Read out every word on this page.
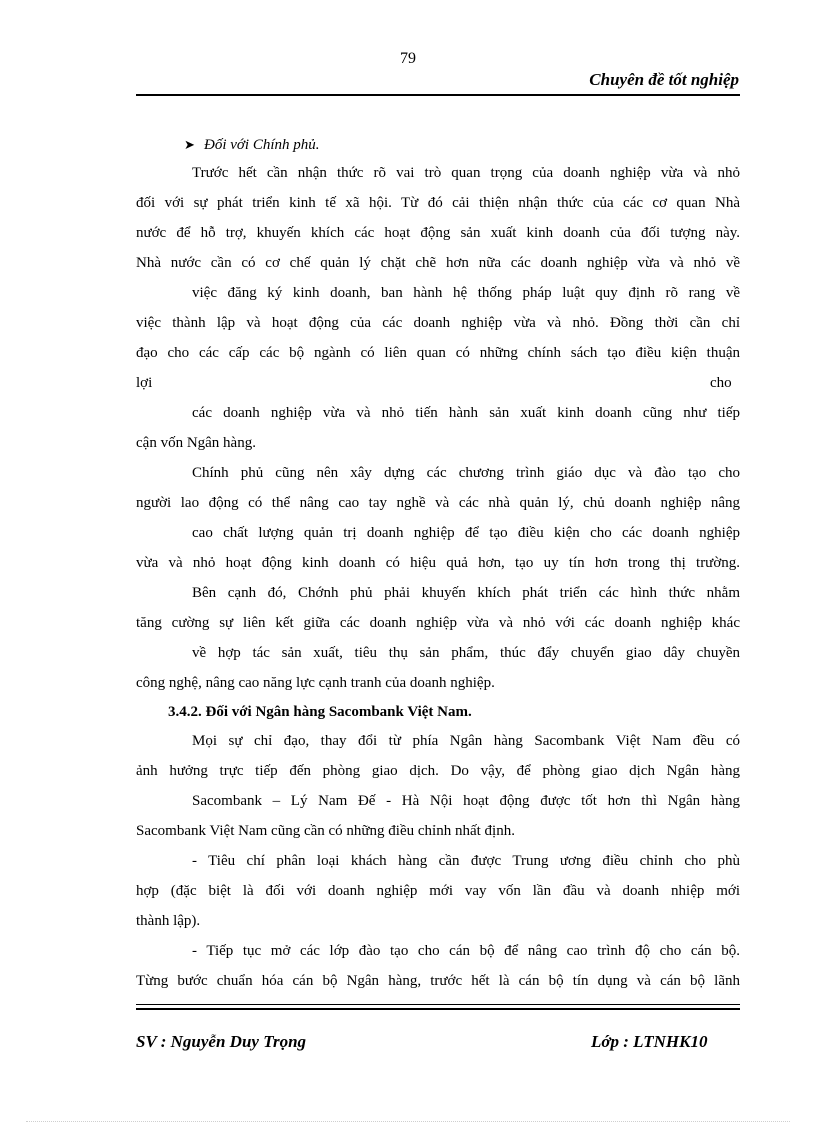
79
Chuyên đề tốt nghiệp
➤ Đối với Chính phủ.
Trước hết cần nhận thức rõ vai trò quan trọng của doanh nghiệp vừa và nhỏ
đối với sự phát triển kinh tế xã hội. Từ đó cải thiện nhận thức của các cơ quan Nhà
nước để hỗ trợ, khuyến khích các hoạt động sản xuất kinh doanh của đối tượng này.
Nhà nước cần có cơ chế quản lý chặt chẽ hơn nữa các doanh nghiệp vừa và nhỏ về
việc đăng ký kinh doanh, ban hành hệ thống pháp luật quy định rõ rang về
việc thành lập và hoạt động của các doanh nghiệp vừa và nhỏ. Đồng thời cần chỉ
đạo cho các cấp các bộ ngành có liên quan có những chính sách tạo điều kiện thuận
lợi	cho
các doanh nghiệp vừa và nhỏ tiến hành sản xuất kinh doanh cũng như tiếp
cận vốn Ngân hàng.
Chính phủ cũng nên xây dựng các chương trình giáo dục và đào tạo cho
người lao động có thể nâng cao tay nghề và các nhà quản lý, chủ doanh nghiệp nâng
cao chất lượng quản trị doanh nghiệp để tạo điều kiện cho các doanh nghiệp
vừa và nhỏ hoạt động kinh doanh có hiệu quả hơn, tạo uy tín hơn trong thị trường.
Bên cạnh đó, Chớnh phủ phải khuyến khích phát triển các hình thức nhằm
tăng cường sự liên kết giữa các doanh nghiệp vừa và nhỏ với các doanh nghiệp khác
về hợp tác sản xuất, tiêu thụ sản phẩm, thúc đẩy chuyển giao dây chuyền
công nghệ, nâng cao năng lực cạnh tranh của doanh nghiệp.
3.4.2. Đối với Ngân hàng Sacombank Việt Nam.
Mọi sự chỉ đạo, thay đổi từ phía Ngân hàng Sacombank Việt Nam đều có
ảnh hưởng trực tiếp đến phòng giao dịch. Do vậy, để phòng giao dịch Ngân hàng
Sacombank – Lý Nam Đế - Hà Nội hoạt động được tốt hơn thì Ngân hàng
Sacombank Việt Nam cũng cần có những điều chỉnh nhất định.
- Tiêu chí phân loại khách hàng cần được Trung ương điều chỉnh cho phù
hợp (đặc biệt là đối với doanh nghiệp mới vay vốn lần đầu và doanh nhiệp mới
thành lập).
- Tiếp tục mở các lớp đào tạo cho cán bộ để nâng cao trình độ cho cán bộ.
Từng bước chuẩn hóa cán bộ Ngân hàng, trước hết là cán bộ tín dụng và cán bộ lãnh
SV : Nguyễn Duy Trọng	Lớp : LTNHK10
